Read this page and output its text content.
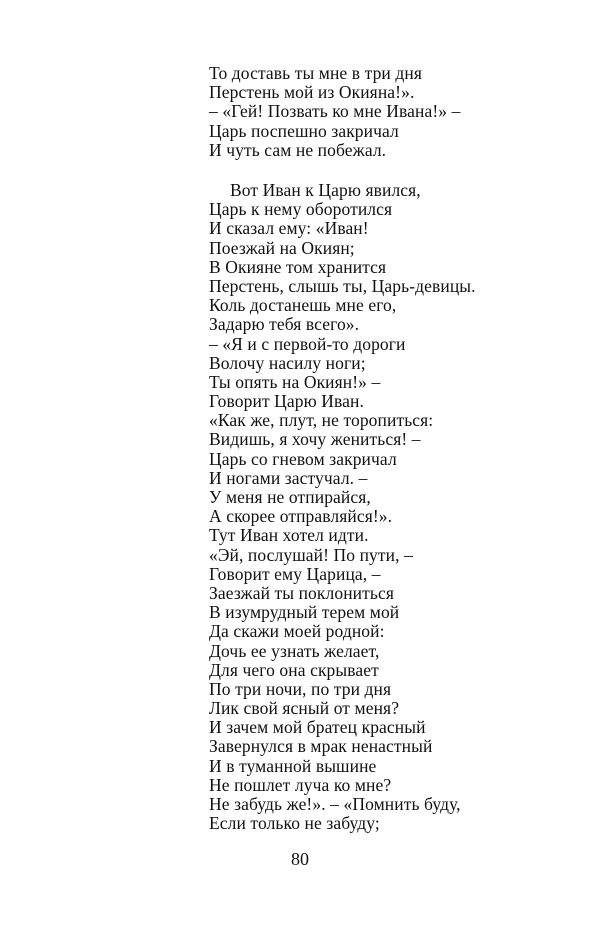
То доставь ты мне в три дня
Перстень мой из Окияна!».
– «Гей! Позвать ко мне Ивана!» –
Царь поспешно закричал
И чуть сам не побежал.
Вот Иван к Царю явился,
Царь к нему оборотился
И сказал ему: «Иван!
Поезжай на Окиян;
В Окияне том хранится
Перстень, слышь ты, Царь-девицы.
Коль достанешь мне его,
Задарю тебя всего».
– «Я и с первой-то дороги
Волочу насилу ноги;
Ты опять на Окиян!» –
Говорит Царю Иван.
«Как же, плут, не торопиться:
Видишь, я хочу жениться! –
Царь со гневом закричал
И ногами застучал. –
У меня не отпирайся,
А скорее отправляйся!».
Тут Иван хотел идти.
«Эй, послушай! По пути, –
Говорит ему Царица, –
Заезжай ты поклониться
В изумрудный терем мой
Да скажи моей родной:
Дочь ее узнать желает,
Для чего она скрывает
По три ночи, по три дня
Лик свой ясный от меня?
И зачем мой братец красный
Завернулся в мрак ненастный
И в туманной вышине
Не пошлет луча ко мне?
Не забудь же!». – «Помнить буду,
Если только не забуду;
80
